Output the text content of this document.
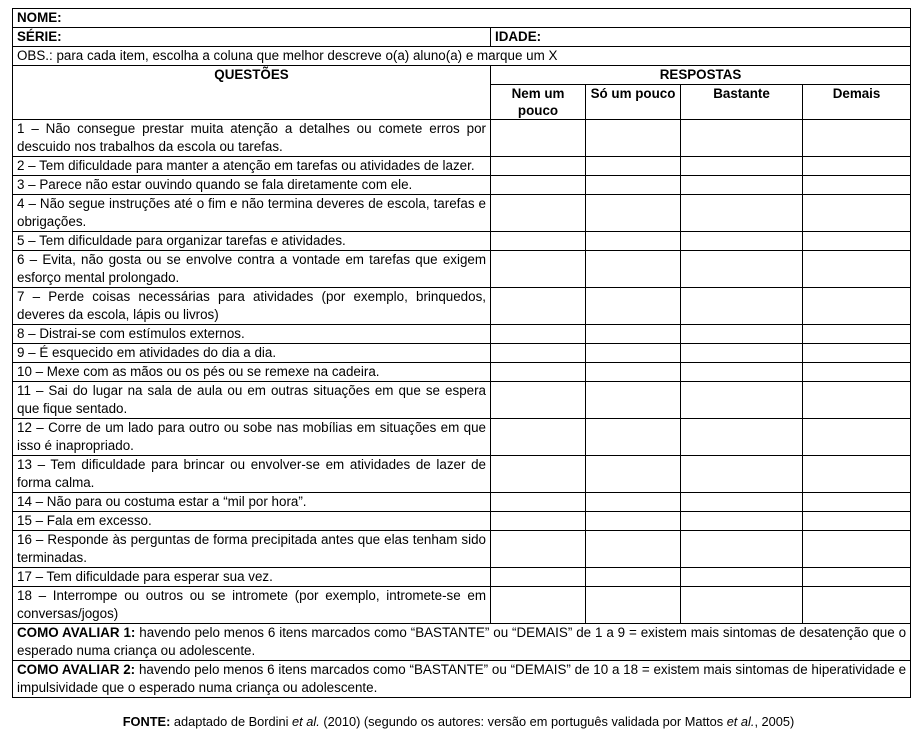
NOME:				
SÉRIE:	IDADE:			
OBS.: para cada item, escolha a coluna que melhor descreve o(a) aluno(a) e marque um X				
QUESTÕES	RESPOSTAS			
	Nem um pouco	Só um pouco	Bastante	Demais
1 – Não consegue prestar muita atenção a detalhes ou comete erros por descuido nos trabalhos da escola ou tarefas.				
2 – Tem dificuldade para manter a atenção em tarefas ou atividades de lazer.				
3 – Parece não estar ouvindo quando se fala diretamente com ele.				
4 – Não segue instruções até o fim e não termina deveres de escola, tarefas e obrigações.				
5 – Tem dificuldade para organizar tarefas e atividades.				
6 – Evita, não gosta ou se envolve contra a vontade em tarefas que exigem esforço mental prolongado.				
7 – Perde coisas necessárias para atividades (por exemplo, brinquedos, deveres da escola, lápis ou livros)				
8 – Distrai-se com estímulos externos.				
9 – É esquecido em atividades do dia a dia.				
10 – Mexe com as mãos ou os pés ou se remexe na cadeira.				
11 – Sai do lugar na sala de aula ou em outras situações em que se espera que fique sentado.				
12 – Corre de um lado para outro ou sobe nas mobílias em situações em que isso é inapropriado.				
13 – Tem dificuldade para brincar ou envolver-se em atividades de lazer de forma calma.				
14 – Não para ou costuma estar a “mil por hora”.				
15 – Fala em excesso.				
16 – Responde às perguntas de forma precipitada antes que elas tenham sido terminadas.				
17 – Tem dificuldade para esperar sua vez.				
18 – Interrompe ou outros ou se intromete (por exemplo, intromete-se em conversas/jogos)				
COMO AVALIAR 1: havendo pelo menos 6 itens marcados como “BASTANTE” ou “DEMAIS” de 1 a 9 = existem mais sintomas de desatenção que o esperado numa criança ou adolescente.				
COMO AVALIAR 2: havendo pelo menos 6 itens marcados como “BASTANTE” ou “DEMAIS” de 10 a 18 = existem mais sintomas de hiperatividade e impulsividade que o esperado numa criança ou adolescente.				
FONTE: adaptado de Bordini et al. (2010) (segundo os autores: versão em português validada por Mattos et al., 2005)
